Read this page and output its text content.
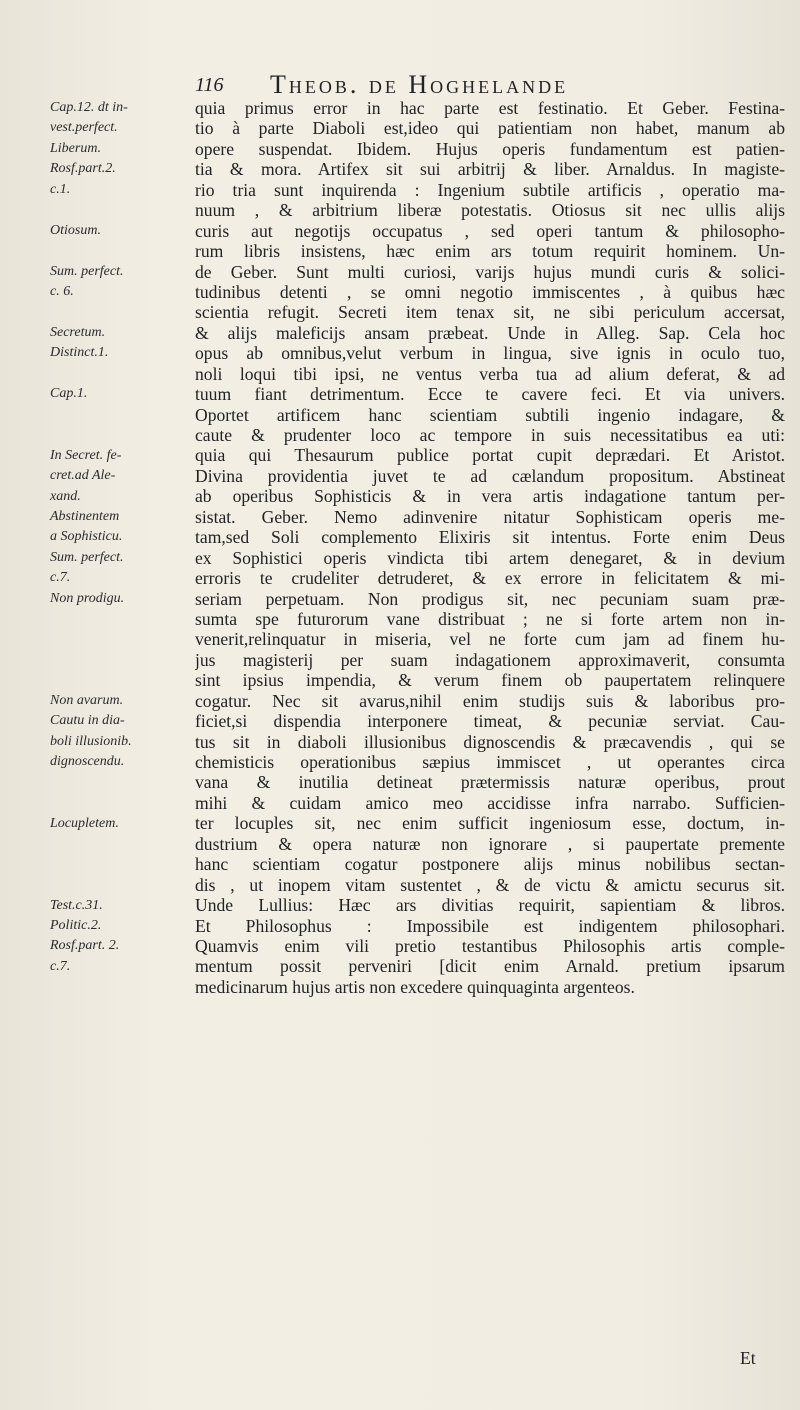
116 Theob. de Hoghelande
Cap.12. dt in-
vest.perfect.
Liberum.
Rosf.part.2.
c.1.
Otiosum.
Sum. perfect.
c. 6.
Secretum.
Distinct.1.
Cap.1.
In Secret. fe-
cret.ad Ale-
xand.
Abstinentem
a Sophisticu.
Sum. perfect.
c.7.
Non prodigu.
Non avarum.
Cautu in dia-
boli illusionib.
dignoscendu.
Locupletem.
Test.c.31.
Politic.2.
Rosf.part. 2.
c.7.
quia primus error in hac parte est festinatio. Et Geber. Festina-
tio à parte Diaboli est,ideo qui patientiam non habet, manum ab
opere suspendat. Ibidem. Hujus operis fundamentum est patien-
tia & mora. Artifex sit sui arbitrij & liber. Arnaldus. In magiste-
rio tria sunt inquirenda : Ingenium subtile artificis , operatio ma-
nuum , & arbitrium liberæ potestatis. Otiosus sit nec ullis alijs
curis aut negotijs occupatus , sed operi tantum & philosopho-
rum libris insistens, hæc enim ars totum requirit hominem. Un-
de Geber. Sunt multi curiosi, varijs hujus mundi curis & solici-
tudinibus detenti , se omni negotio immiscentes , à quibus hæc
scientia refugit. Secreti item tenax sit, ne sibi periculum accersat,
& alijs maleficijs ansam præbeat. Unde in Alleg. Sap. Cela hoc
opus ab omnibus,velut verbum in lingua, sive ignis in oculo tuo,
noli loqui tibi ipsi, ne ventus verba tua ad alium deferat, & ad
tuum fiant detrimentum. Ecce te cavere feci. Et via univers.
Oportet artificem hanc scientiam subtili ingenio indagare, &
caute & prudenter loco ac tempore in suis necessitatibus ea uti:
quia qui Thesaurum publice portat cupit deprædari. Et Aristot.
Divina providentia juvet te ad cælandum propositum. Abstineat
ab operibus Sophisticis & in vera artis indagatione tantum per-
sistat. Geber. Nemo adinvenire nitatur Sophisticam operis me-
tam,sed Soli complemento Elixiris sit intentus. Forte enim Deus
ex Sophistici operis vindicta tibi artem denegaret, & in devium
erroris te crudeliter detruderet, & ex errore in felicitatem & mi-
seriam perpetuam. Non prodigus sit, nec pecuniam suam præ-
sumta spe futurorum vane distribuat ; ne si forte artem non in-
venerit,relinquatur in miseria, vel ne forte cum jam ad finem hu-
jus magisterij per suam indagationem approximaverit, consumta
sint ipsius impendia, & verum finem ob paupertatem relinquere
cogatur. Nec sit avarus,nihil enim studijs suis & laboribus pro-
ficiet,si dispendia interponere timeat, & pecuniæ serviat. Cau-
tus sit in diaboli illusionibus dignoscendis & præcavendis , qui se
chemisticis operationibus sæpius immiscet , ut operantes circa
vana & inutilia detineat prætermissis naturæ operibus, prout
mihi & cuidam amico meo accidisse infra narrabo. Sufficien-
ter locuples sit, nec enim sufficit ingeniosum esse, doctum, in-
dustrium & opera naturæ non ignorare , si paupertate premente
hanc scientiam cogatur postponere alijs minus nobilibus sectan-
dis , ut inopem vitam sustentet , & de victu & amictu securus sit.
Unde Lullius: Hæc ars divitias requirit, sapientiam & libros.
Et Philosophus : Impossibile est indigentem philosophari.
Quamvis enim vili pretio testantibus Philosophis artis comple-
mentum possit perveniri [dicit enim Arnald. pretium ipsarum
medicinarum hujus artis non excedere quinquaginta argenteos.
Et
